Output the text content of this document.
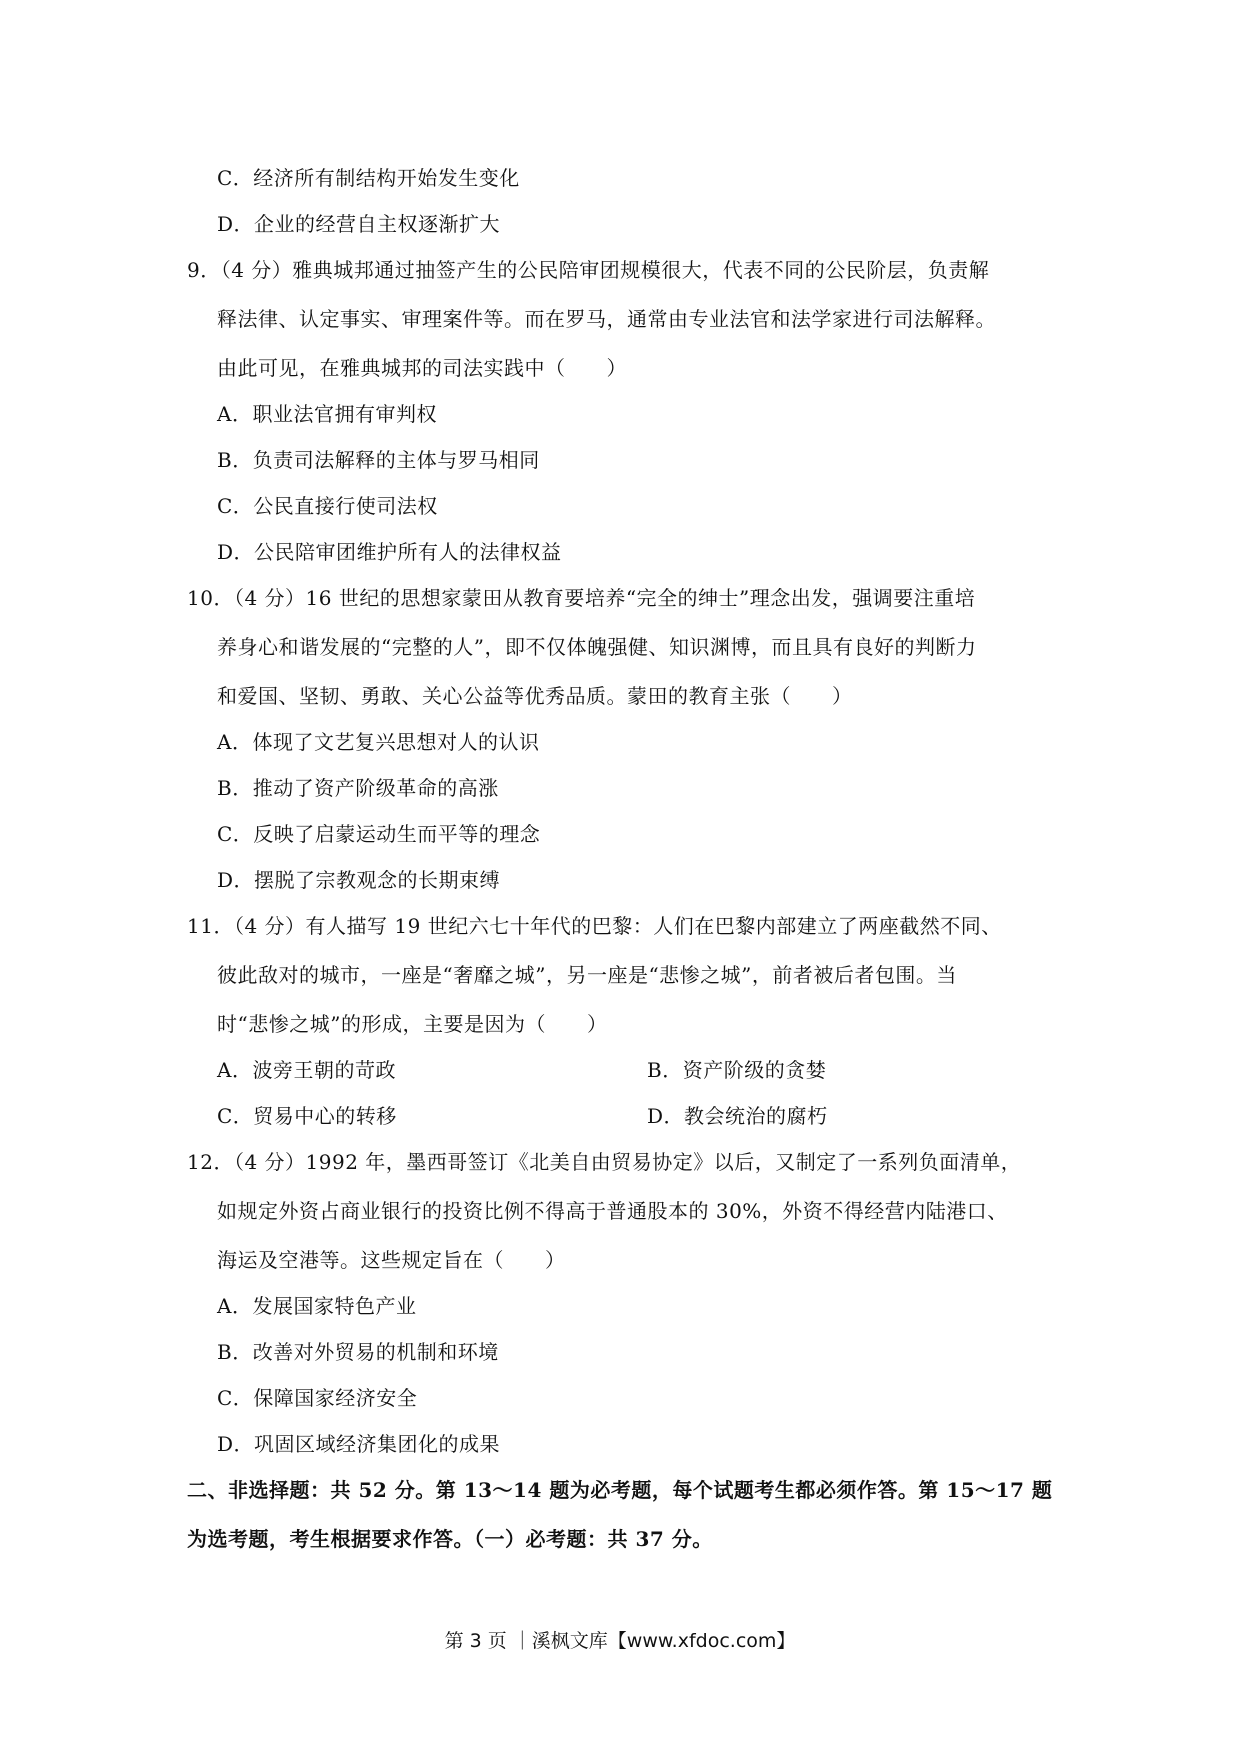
C．经济所有制结构开始发生变化
D．企业的经营自主权逐渐扩大
9．（4 分）雅典城邦通过抽签产生的公民陪审团规模很大，代表不同的公民阶层，负责解
释法律、认定事实、审理案件等。而在罗马，通常由专业法官和法学家进行司法解释。
由此可见，在雅典城邦的司法实践中（　　）
A．职业法官拥有审判权
B．负责司法解释的主体与罗马相同
C．公民直接行使司法权
D．公民陪审团维护所有人的法律权益
10．（4 分）16 世纪的思想家蒙田从教育要培养“完全的绅士”理念出发，强调要注重培
养身心和谐发展的“完整的人”，即不仅体魄强健、知识渊博，而且具有良好的判断力
和爱国、坚韧、勇敢、关心公益等优秀品质。蒙田的教育主张（　　）
A．体现了文艺复兴思想对人的认识
B．推动了资产阶级革命的高涨
C．反映了启蒙运动生而平等的理念
D．摆脱了宗教观念的长期束缚
11．（4 分）有人描写 19 世纪六七十年代的巴黎：人们在巴黎内部建立了两座截然不同、
彼此敌对的城市，一座是“奢靡之城”，另一座是“悲惨之城”，前者被后者包围。当
时“悲惨之城”的形成，主要是因为（　　）
A．波旁王朝的苛政	B．资产阶级的贪婪
C．贸易中心的转移	D．教会统治的腐朽
12．（4 分）1992 年，墨西哥签订《北美自由贸易协定》以后，又制定了一系列负面清单，
如规定外资占商业银行的投资比例不得高于普通股本的 30%，外资不得经营内陆港口、
海运及空港等。这些规定旨在（　　）
A．发展国家特色产业
B．改善对外贸易的机制和环境
C．保障国家经济安全
D．巩固区域经济集团化的成果
二、非选择题：共 52 分。第 13～14 题为必考题，每个试题考生都必须作答。第 15～17 题
为选考题，考生根据要求作答。（一）必考题：共 37 分。
第 3 页 ｜溪枫文库【www.xfdoc.com】
